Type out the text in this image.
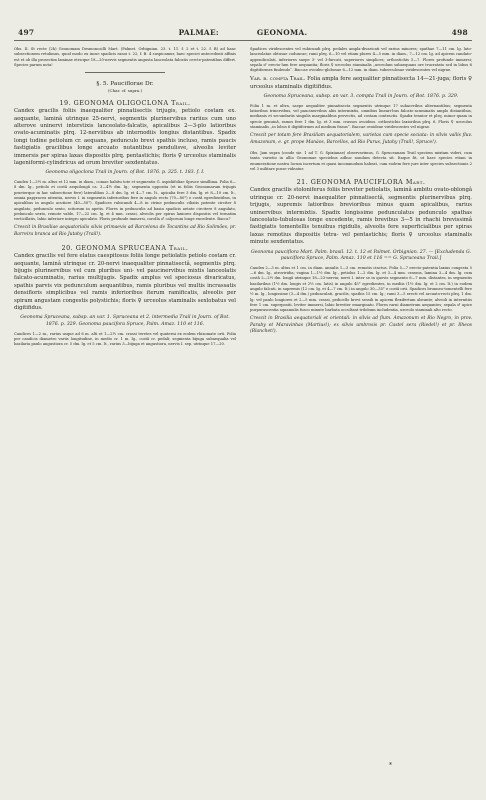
497	PALMAE:	GEONOMA.	498

Obs. II. St recte (2h) Geonomam Desmoncoilli Mart. (Palmet. Orbignian. 23. t. 11. f. 2 et t. 22. f. B) ad hanc subsectionem retulimus, quod modo ex inose spadicis ranoi t. 22, f. B. 4 suspicamur, haec speciei antecedenti affinis est et ob illa prosectim laminae etricque 18—20-nervis segmentis angusta lanceolata falcatis cercte-patentibus differt. Species parum nota!

§. 5. Pauciflorae Dr.

(Char. cf. supra.)

19. GEONOMA OLIGOCLONA Trail.

Candex gracilis foliis inaequaliter pinnatisectis trijugis, petiolo costam ex. aequante, laminâ utrinque 25-nervi, segmentis plurinervibus rariius cum uno alterove uninervi interstixis lanceolato-falcatis, apicalibus 2—3-plo latioribus ovato-acuminatis plrq. 12-nerviibus ab internodiis longius distantibus. Spadix longi tudine petiolum cr. aequans, pedunculo brevi spathis incluso, ramis paucis fastigiatis gracilibus longe arcuato nutantibus pendulisve, alveolis leviter immersis per spiras laxas dispositis plrq. pentastichis; floris ♀ urceolus staminalis lageniformi-cylindricus ad orum breviter sexdentatus.

Geonoma oligoclona Trail in Journ. of Bot. 1876. p. 325. t. 183. f. I.

Caudex 1—2½ m. altus et 12 mm. in diam., comae habitu tote et segmentis G. aspidiifoliae Spruce simillima. Folia 6—8 dm. lg., petiolo et costâ aequilongâ ca. 3—4½ dm. lg.; segmenta opposita (et in foliis Geonomarum trijugis praeterque in hac subsectione fere) lateralibus 2—8 dm. lg. et 4—7 cm. lt., apicalia fere 3 dm. lg. et 8—10 cm. lt., omnia papyracea nitentia, nervis I. in segmentis inferioribus fere in angulo recto (70—80°) e costâ egredientibus, in apicalibus in angulo acutiore (40—50°). Spadices rubicundi 4—8 in ctrine pedunculis ciliatis patente circiter 8 angulato, pedunculo sexto, scitorum in apetis. Flores in pedunculis ad basin spadicis aetate circitere 8 angulato, pedunculo sexto, remote valde, 17—22 cm. lg. et 4 mm. crassi, alveolis per spiras laxiores dispositis vel ternatim verticillatis, labio inferiore integro apiculato. Floris profunde immersi, corolla ♂ calyceum longe excedente. Bacca?

Crescit in Brasiliae aequatorialis silvis primaevis ad Barcelona de Tocantins ad Rio Solimões, pr. Barreira branca ad Rio Jutahy (Trail!).

20. GEONOMA SPRUCEANA Trail.

Candex gracilis vel fere elatus caespitosus foliis longe petiolatis petiolo costam cr. aequante, laminâ utrinque cr. 20-nervi inaequaliter pinnatisectâ, segmentis plrq. bijugis plurinervibus vel cum pluribus uni- vel paucinervibus mixtis lanceolatis falcato-acuminatis, rarius multijugis. Spadix amplus vel speciosus divaricatus, spathis parvis vix pedunculum aequantibus, ramis pluribus vel multis incrassatis densifloris simplicibus vel ramis inferioribus iterum ramificatis, alveolis per spiram angustam congestis polystichis; floris ♀ urceolus staminalis sexlobatus vel digitifidus.

Geonoma Spruceana, subsp. an var. 1. Spruceana et 2. intermedia Trail in Journ. of Bot. 1876. p. 329. Geonoma paucifora Spruce, Palm. Amaz. 110 et 116.

Caudices 1—2 m., rarius usque ad 6 m. alti et 1—2½ cm. crassi teretes vel quaterni ex eodem rhizomate orti. Folia per candicis diametro variis longitudine, in medio cr. 1 m. lg., costâ cr. pedali; segmenta bijuga subaequalia vel basilaria paulo angustiora cr. 5 dm. lg. et 5 cm. lt., rarius 3—bijuga et angustiora, nervis I. sep. utrinque 17—20.

Spadices viridescentes vel rubicundi plrq. pedales ampla-divaricati vel rarius minores; spathae 7—11 cm. lg. lato-lanceolatae obtusae coduncae; rami plrq. 6—10 vel etiam plures 4—5 mm. in diam., 7—12 cm. lg. ad apicem candato-appendiculati, inferiores saepe 3- vel 3-furcati, superiores simplices; orthostichis 5—7. Flores profunde immersi; sepala ♂ erecto-lum fere aequantia; floris ♀ urceolus staminalis „urceolum subaequans ore trucratato sed in lobos 6 digitiformes findendo“. Baccae ovoideo-globosae 6—12 mm. in diam. tuberculosae viridescentes vel nigrae.

Var. β. compta Trail. Folia ampla fere aequaliter pinnatisecta 14—21-juga; floris ♀ urceolus staminalis digitifidus.

Geonoma Spruceana, subsp. an var. 3. compta Trail in Journ. of Bot. 1876. p. 329.

Folia 1 m. et ultra, saepe aequaliter pinnatisecta segmentis utrinque 17 subacrribus alternantibus; segmenta latioribus trinervibus, vel paucinervibus aliis intermixtis, omnibus lineari-bus falcato-acuminatis amplo distantibus, medianis et secundariis singulis marginalibus provectis, ad costam contractis. Spadix tenuior et plrq. minor quam in specie genuinâ, ramos fere 1 dm. lg. et 3 mm. crassos ovoideos. orthostichis laxioribus plrq. 6. Floris ♀ urceolus staminalis „in lobos 6 digitiformes ad medium fissus“. Baccae ovoideae viridescentes vel nigrae.

Crescit per totam fere Brasiliam aequatorialem, varietas cum specie sociata: in silvis vallis fluv. Amazonum, e. gr. prope Manáos, Barcellos, ad Rio Purus, Jutahy (Trail!, Spruce!).

Obs. Jam supra (conde sie. 1 ad T. G. Spixianae) observavimus, G. Spruceanam Trail speciem mixtam videri, cum tanta varietio in allio Geonomae speciebus adhuc nondum detecta sit. Itaque fit, ut haec species etiam in enumeratione nostra locum incertum et quasi incommodum habeat, cum eodem fere jure inter species subsectionis 2 vel 3 militare posse videatur.

21. GEONOMA PAUCIFLORA Mart.

Candex gracilis stoloniferus foliis breviter petiolatis, laminâ ambitu ovato-oblongâ utrinque cr. 20-nervi inaequaliter pinnatisectâ, segmentis plurinervibus plrq. trijugis, supremis latioribus brevioribus minus quam apicalibus, rarius uninervibus intermixtis. Spadix longissime pedunculatus pedunculo spathas lanceolato-tubulosas longe excedente, ramis brevibus 3—5 in rhachi brevissimâ fastigiatis tomentellis tenuibus rigidulis, alveolis fere superficialibus per spiras laxas remotius dispositis tetra- vel pentastichis; floris ♀ urceolus staminalis minute sexdentatus.

Geonoma pauciflora Mart. Palm. brasil. 12. t. 12 et Palmet. Orbignian. 27. — [Excludenda G. pauciflora Spruce, Palm. Amaz. 110 et 116 == G. Spruceana Trail.]

Caudex 2—3 m. altus et 1 cm. in diam. annulis 1—3 cm. remotis cinctus. Folia 5—7 erecto-patentia laxius congesta 5—6 dm. lg., atroviridia; vagina 1—1½ dm. lg., petiolus 1—2 dm. lg. et 3—4 mm. crassus, lamina 3—4 dm. lg. cum costâ 2—2½ dm. longâ utrinque 18—23-nervia; nervi I. inter se in quovis segmento 6—7 mm. distantes, in segmentis basilaribus (1½ dm. longis et 2½ cm. latis) in angulo 45° egredientes, in mediis (1½ dm. lg. et 2 cm. lt.) in eodem angulo falcati, in supremis (12 cm. lg. et 4—7 cm. lt.) in angulo 30—35° e costâ orti. Spadices brunneo-tomentelli fere ½ m. lg., longissime (3—4 dm.) pedunculati, gracilis, spathis 15 cm. lg.; rami 3—5 erecti vel arcuato-recti plrq. 1 dm. lg. vel paulo longiores et 2—5 mm. crassi, pedicello brevi sessili in apicem flexifertum abeunte; alveoli in internitiis fere 1 cm. superpositi, leviter immersi, labio breviter emarginato. Flores rarni diametrum aequantes; sepala ♂ apice purpurascentia squamulis fusco minute barbata occultant trilobum includentia, urceolo staminali alto recto.

Crescit in Brasilia aequatoriali et orientali: in silvis ad flum. Amazonum et Rio Negro, in prov. Paraby et Maravinhas (Martius!); ex silvis umbrosis pr. Castel sera (Riedel!) et pr. Ilheos (Blanchet!).

*
